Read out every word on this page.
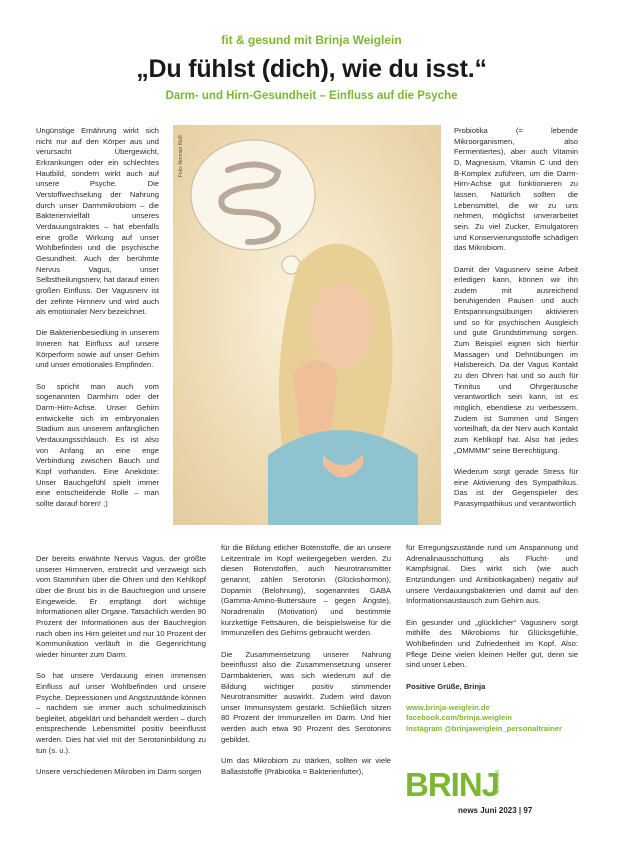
fit & gesund mit Brinja Weiglein
„Du fühlst (dich), wie du isst.“
Darm- und Hirn-Gesundheit – Einfluss auf die Psyche

Ungünstige Ernährung wirkt sich nicht nur auf den Körper aus und verursacht Übergewicht, Erkrankungen oder ein schlechtes Hautbild, sondern wirkt auch auf unsere Psyche. Die Verstoffwechselung der Nahrung durch unser Darmmikrobiom – die Bakterienvielfalt unseres Verdauungstraktes – hat ebenfalls eine große Wirkung auf unser Wohlbefinden und die psychische Gesundheit. Auch der berühmte Nervus Vagus, unser Selbstheilungsnerv, hat darauf einen großen Einfluss. Der Vagusnerv ist der zehnte Hirnnerv und wird auch als emotionaler Nerv bezeichnet.

Die Bakterienbesiedlung in unserem Inneren hat Einfluss auf unsere Körperform sowie auf unser Gehirn und unser emotionales Empfinden.

So spricht man auch vom sogenannten Darmhirn oder der Darm-Hirn-Achse. Unser Gehirn entwickelte sich im embryonalen Stadium aus unserem anfänglichen Verdauungsschlauch. Es ist also von Anfang an eine enge Verbindung zwischen Bauch und Kopf vorhanden. Eine Anekdote: Unser Bauchgefühl spielt immer eine entscheidende Rolle – man sollte darauf hören! ;)

Foto: Norman Kloß

Der bereits erwähnte Nervus Vagus, der größte unserer Hirnnerven, erstreckt und verzweigt sich vom Stammhirn über die Ohren und den Kehlkopf über die Brust bis in die Bauchregion und unsere Eingeweide. Er empfängt dort wichtige Informationen aller Organe. Tatsächlich werden 90 Prozent der Informationen aus der Bauchregion nach oben ins Hirn geleitet und nur 10 Prozent der Kommunikation verläuft in die Gegenrichtung wieder hinunter zum Darm.

So hat unsere Verdauung einen immensen Einfluss auf unser Wohlbefinden und unsere Psyche. Depressionen und Angstzustände können – nachdem sie immer auch schulmedizinisch begleitet, abgeklärt und behandelt werden – durch entsprechende Lebensmittel positiv beeinflusst werden. Dies hat viel mit der Serotoninbildung zu tun (s. u.).

Unsere verschiedenen Mikroben im Darm sorgen

für die Bildung etlicher Botenstoffe, die an unsere Leitzentrale im Kopf weitergegeben werden. Zu diesen Botenstoffen, auch Neurotransmitter genannt, zählen Serotonin (Glückshormon), Dopamin (Belohnung), sogenanntes GABA (Gamma-Amino-Buttersäure – gegen Ängste), Noradrenalin (Motivation) und bestimmte kurzkettige Fettsäuren, die beispielsweise für die Immunzellen des Gehirns gebraucht werden.

Die Zusammensetzung unserer Nahrung beeinflusst also die Zusammensetzung unserer Darmbakterien, was sich wiederum auf die Bildung wichtiger positiv stimmender Neurotransmitter auswirkt. Zudem wird davon unser Immunsystem gestärkt. Schließlich sitzen 80 Prozent der Immunzellen im Darm. Und hier werden auch etwa 90 Prozent des Serotonins gebildet.

Um das Mikrobiom zu stärken, sollten wir viele Ballaststoffe (Präbiotika = Bakterienfutter),

Probiotika (= lebende Mikroorganismen, also Fermentiertes), aber auch Vitamin D, Magnesium, Vitamin C und den B-Komplex zuführen, um die Darm-Hirn-Achse gut funktionieren zu lassen. Natürlich sollten die Lebensmittel, die wir zu uns nehmen, möglichst unverarbeitet sein. Zu viel Zucker, Emulgatoren und Konservierungsstoffe schädigen das Mikrobiom.

Damit der Vagusnerv seine Arbeit erledigen kann, können wir ihn zudem mit ausreichend beruhigenden Pausen und auch Entspannungsübungen aktivieren und so für psychischen Ausgleich und gute Grundstimmung sorgen. Zum Beispiel eignen sich hierfür Massagen und Dehnübungen im Halsbereich. Da der Vagus Kontakt zu den Ohren hat und so auch für Tinnitus und Ohrgeräusche verantwortlich sein kann, ist es möglich, ebendiese zu verbessern. Zudem ist Summen und Singen vorteilhaft, da der Nerv auch Kontakt zum Kehlkopf hat. Also hat jedes „OMMMM“ seine Berechtigung.

Wiederum sorgt gerade Stress für eine Aktivierung des Sympathikus. Das ist der Gegenspieler des Parasympathikus und verantwortlich

für Erregungszustände rund um Anspannung und Adrenalinausschüttung als Flucht- und Kampfsignal. Dies wirkt sich (wie auch Entzündungen und Antibiotikagaben) negativ auf unsere Verdauungsbakterien und damit auf den Informationsaustausch zum Gehirn aus.

Ein gesunder und „glücklicher“ Vagusnerv sorgt mithilfe des Mikrobioms für Glücksgefühle, Wohlbefinden und Zufriedenheit im Kopf. Also: Pflege Deine vielen kleinen Helfer gut, denn sie sind unser Leben.

Positive Grüße, Brinja

www.brinja-weiglein.de
facebook.com/brinja.weiglein
Instagram @brinjaweiglein_personaltrainer
BRINJ
WEIGLEIN
news Juni 2023 | 97
